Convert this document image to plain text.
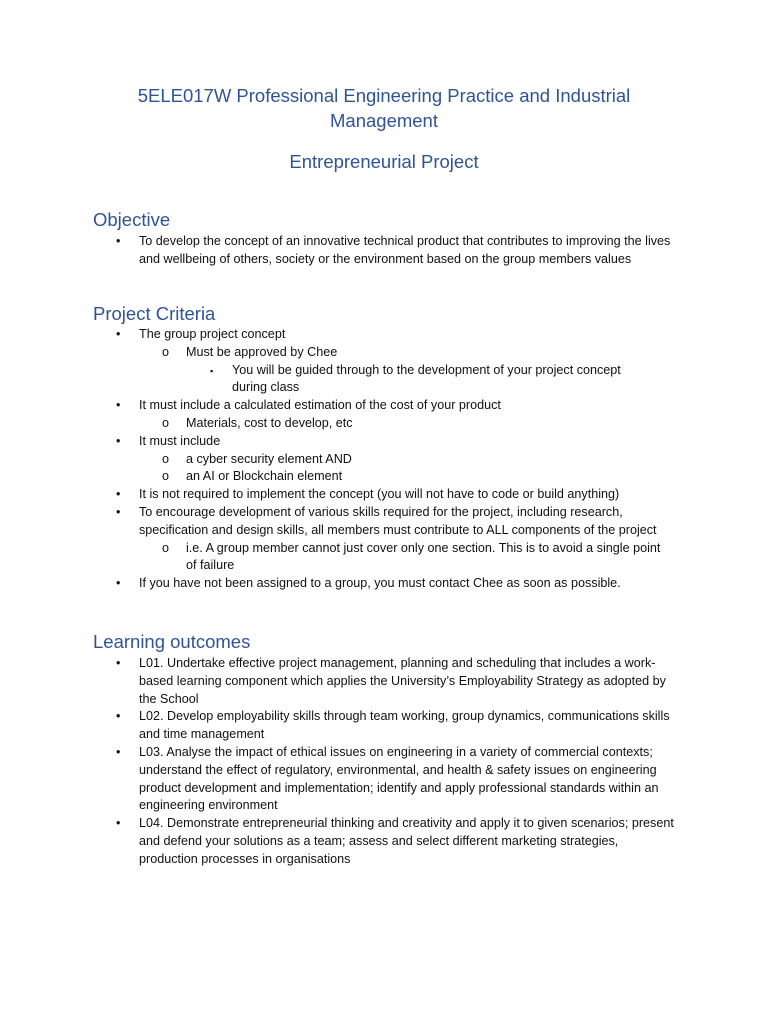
5ELE017W Professional Engineering Practice and Industrial Management
Entrepreneurial Project
Objective
• To develop the concept of an innovative technical product that contributes to improving the lives and wellbeing of others, society or the environment based on the group members values
Project Criteria
• The group project concept
o Must be approved by Chee
▪ You will be guided through to the development of your project concept during class
• It must include a calculated estimation of the cost of your product
o Materials, cost to develop, etc
• It must include
o a cyber security element AND
o an AI or Blockchain element
• It is not required to implement the concept (you will not have to code or build anything)
• To encourage development of various skills required for the project, including research, specification and design skills, all members must contribute to ALL components of the project
o i.e. A group member cannot just cover only one section. This is to avoid a single point of failure
• If you have not been assigned to a group, you must contact Chee as soon as possible.
Learning outcomes
• L01. Undertake effective project management, planning and scheduling that includes a work-based learning component which applies the University’s Employability Strategy as adopted by the School
• L02. Develop employability skills through team working, group dynamics, communications skills and time management
• L03. Analyse the impact of ethical issues on engineering in a variety of commercial contexts; understand the effect of regulatory, environmental, and health & safety issues on engineering product development and implementation; identify and apply professional standards within an engineering environment
• L04. Demonstrate entrepreneurial thinking and creativity and apply it to given scenarios; present and defend your solutions as a team; assess and select different marketing strategies, production processes in organisations
